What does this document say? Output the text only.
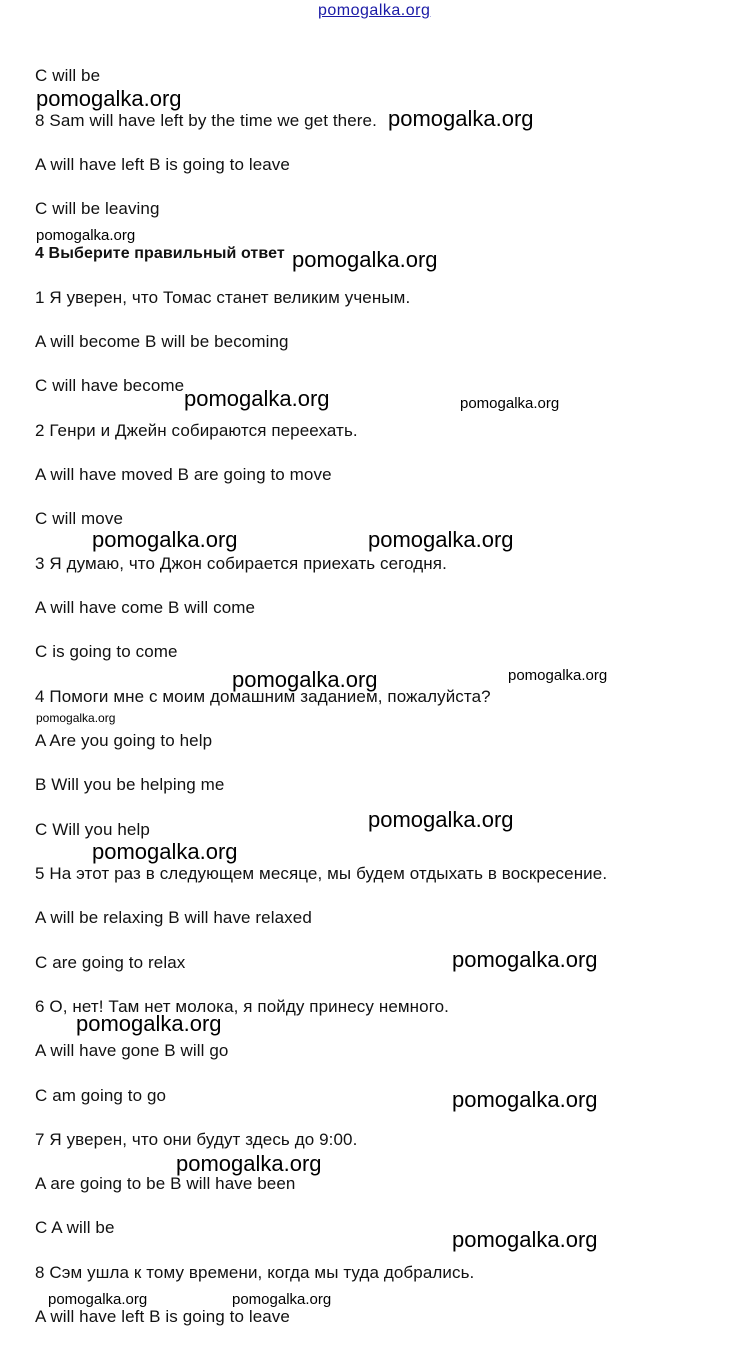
pomogalka.org
C will be
8 Sam will have left by the time we get there.
A will have left B is going to leave
C will be leaving
4 Выберите правильный ответ
1 Я уверен, что Томас станет великим ученым.
A will become B will be becoming
C will have become
2 Генри и Джейн собираются переехать.
A will have moved B are going to move
C will move
3 Я думаю, что Джон собирается приехать сегодня.
A will have come B will come
C is going to come
4 Помоги мне с моим домашним заданием, пожалуйста?
A Are you going to help
B Will you be helping me
C Will you help
5 На этот раз в следующем месяце, мы будем отдыхать в воскресение.
A will be relaxing B will have relaxed
C are going to relax
6 О, нет! Там нет молока, я пойду принесу немного.
A will have gone B will go
C am going to go
7 Я уверен, что они будут здесь до 9:00.
A are going to be B will have been
C A will be
8 Сэм ушла к тому времени, когда мы туда добрались.
A will have left B is going to leave
pomogalka.org
pomogalka.org
pomogalka.org
pomogalka.org
pomogalka.org	pomogalka.org
pomogalka.org	pomogalka.org
pomogalka.org	pomogalka.org
pomogalka.org
pomogalka.org
pomogalka.org
pomogalka.org
pomogalka.org
pomogalka.org
pomogalka.org
pomogalka.org
pomogalka.org	pomogalka.org
